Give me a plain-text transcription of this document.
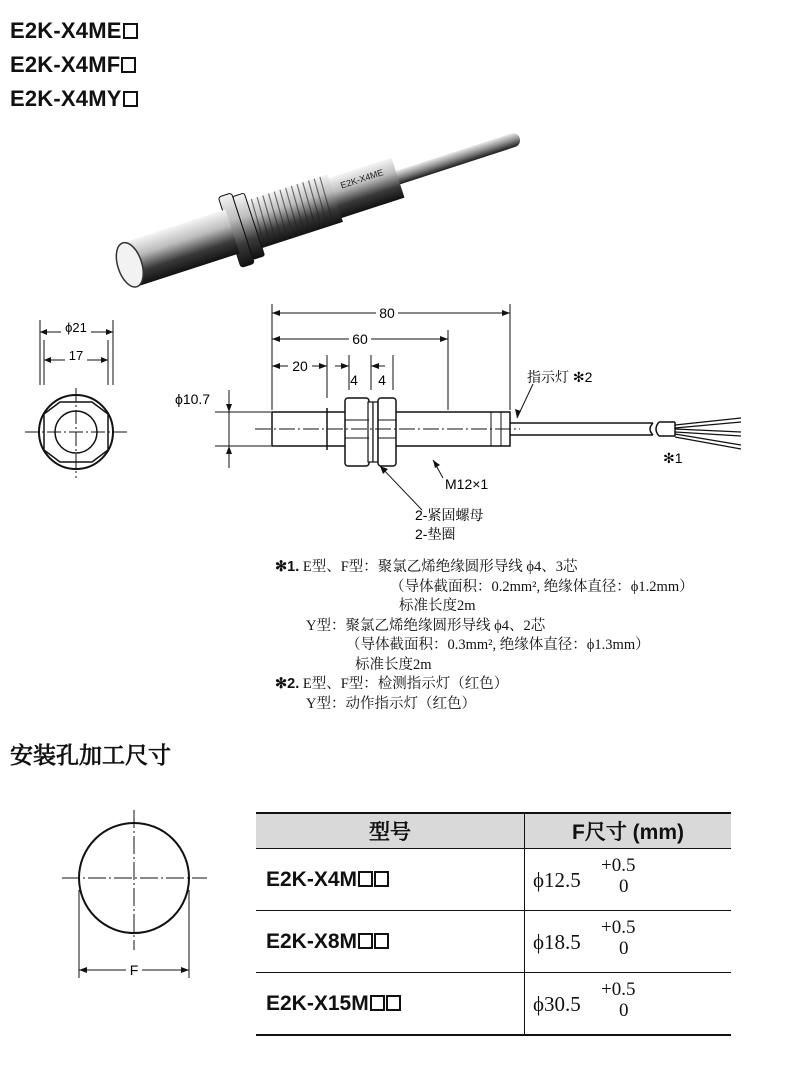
E2K-X4ME
E2K-X4MF
E2K-X4MY
E2K-X4ME
ϕ21
17
80
60
20
4 4
ϕ10.7
M12×1
指示灯 ✻2
✻1
2-紧固螺母
2-垫圈
✻1. E型、F型：聚氯乙烯绝缘圆形导线 ϕ4、3芯
（导体截面积：0.2mm², 绝缘体直径：ϕ1.2mm）
标准长度2m
Y型：聚氯乙烯绝缘圆形导线 ϕ4、2芯
（导体截面积：0.3mm², 绝缘体直径：ϕ1.3mm）
标准长度2m
✻2. E型、F型：检测指示灯（红色）
Y型：动作指示灯（红色）
安装孔加工尺寸
F
型号	F尺寸 (mm)
E2K-X4M	ϕ12.5
+0.5
0

E2K-X8M	ϕ18.5
+0.5
0

E2K-X15M	ϕ30.5
+0.5
0
